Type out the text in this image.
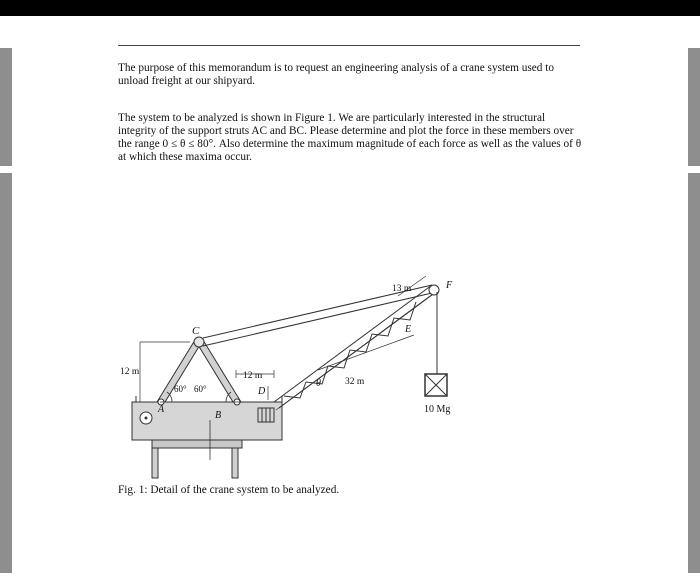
The purpose of this memorandum is to request an engineering analysis of a crane system used to unload freight at our shipyard.

The system to be analyzed is shown in Figure 1. We are particularly interested in the structural integrity of the support struts AC and BC. Please determine and plot the force in these members over the range 0 ≤ θ ≤ 80°. Also determine the maximum magnitude of each force as well as the values of θ at which these maxima occur.

C
A
B
D
E
F
θ
60° 60°
12 m	12 m
32 m
13 m
10 Mg
Fig. 1: Detail of the crane system to be analyzed.
